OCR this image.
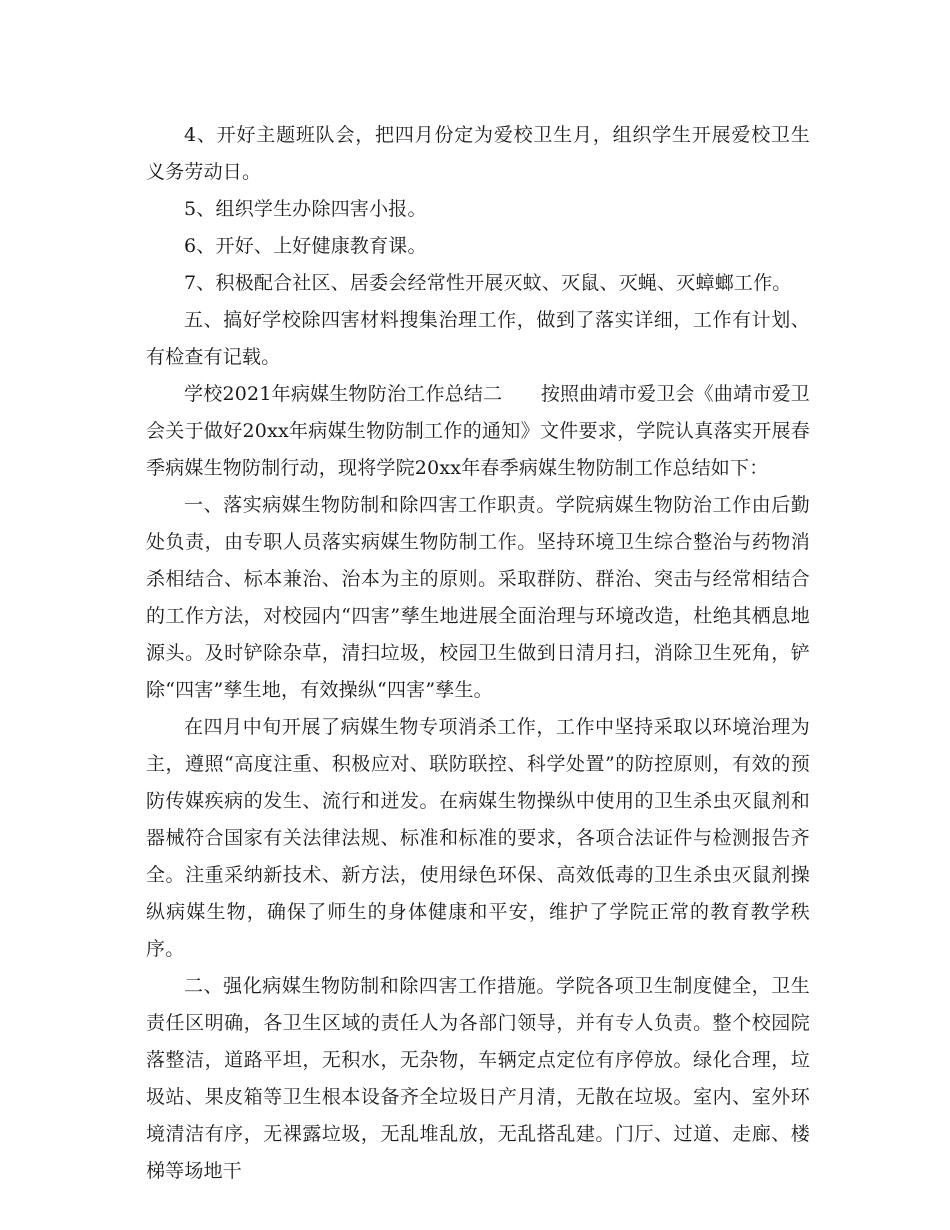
4、开好主题班队会，把四月份定为爱校卫生月，组织学生开展爱校卫生义务劳动日。

5、组织学生办除四害小报。

6、开好、上好健康教育课。

7、积极配合社区、居委会经常性开展灭蚊、灭鼠、灭蝇、灭蟑螂工作。

五、搞好学校除四害材料搜集治理工作，做到了落实详细，工作有计划、有检查有记载。

学校2021年病媒生物防治工作总结二　　按照曲靖市爱卫会《曲靖市爱卫会关于做好20xx年病媒生物防制工作的通知》文件要求，学院认真落实开展春季病媒生物防制行动，现将学院20xx年春季病媒生物防制工作总结如下：

一、落实病媒生物防制和除四害工作职责。学院病媒生物防治工作由后勤处负责，由专职人员落实病媒生物防制工作。坚持环境卫生综合整治与药物消杀相结合、标本兼治、治本为主的原则。采取群防、群治、突击与经常相结合的工作方法，对校园内“四害”孳生地进展全面治理与环境改造，杜绝其栖息地源头。及时铲除杂草，清扫垃圾，校园卫生做到日清月扫，消除卫生死角，铲除“四害”孳生地，有效操纵“四害”孳生。

在四月中旬开展了病媒生物专项消杀工作，工作中坚持采取以环境治理为主，遵照“高度注重、积极应对、联防联控、科学处置”的防控原则，有效的预防传媒疾病的发生、流行和迸发。在病媒生物操纵中使用的卫生杀虫灭鼠剂和器械符合国家有关法律法规、标准和标准的要求，各项合法证件与检测报告齐全。注重采纳新技术、新方法，使用绿色环保、高效低毒的卫生杀虫灭鼠剂操纵病媒生物，确保了师生的身体健康和平安，维护了学院正常的教育教学秩序。

二、强化病媒生物防制和除四害工作措施。学院各项卫生制度健全，卫生责任区明确，各卫生区域的责任人为各部门领导，并有专人负责。整个校园院落整洁，道路平坦，无积水，无杂物，车辆定点定位有序停放。绿化合理，垃圾站、果皮箱等卫生根本设备齐全垃圾日产月清，无散在垃圾。室内、室外环境清洁有序，无裸露垃圾，无乱堆乱放，无乱搭乱建。门厅、过道、走廊、楼梯等场地干
